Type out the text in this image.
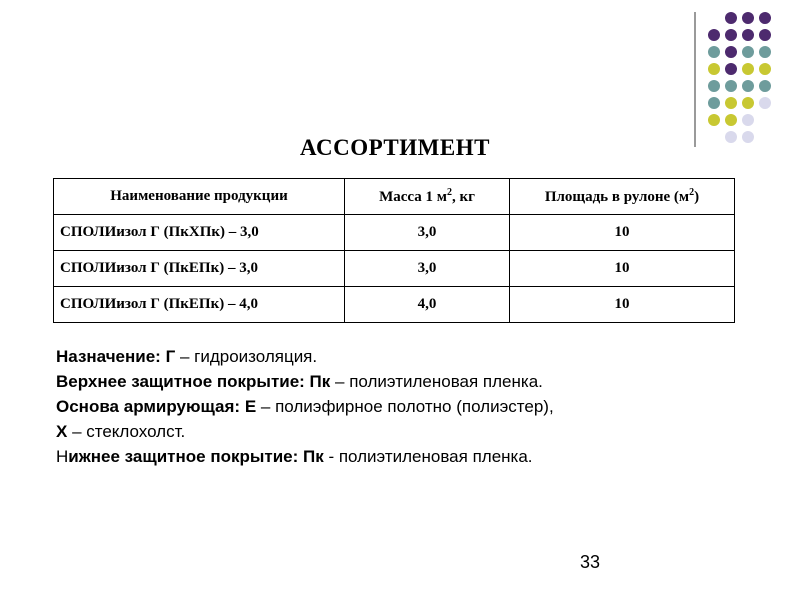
АССОРТИМЕНТ
Наименование продукции	Масса 1 $м^2$, кг	Площадь в рулоне $(м^2)$
СПОЛИизол Г (ПкХПк) – 3,0	3,0	10
СПОЛИизол Г (ПкЕПк) – 3,0	3,0	10
СПОЛИизол Г (ПкЕПк) – 4,0	4,0	10
Назначение: Г – гидроизоляция.
Верхнее защитное покрытие: Пк – полиэтиленовая пленка.
Основа армирующая: Е – полиэфирное полотно (полиэстер),
Х – стеклохолст.
Нижнее защитное покрытие: Пк - полиэтиленовая пленка.
33
